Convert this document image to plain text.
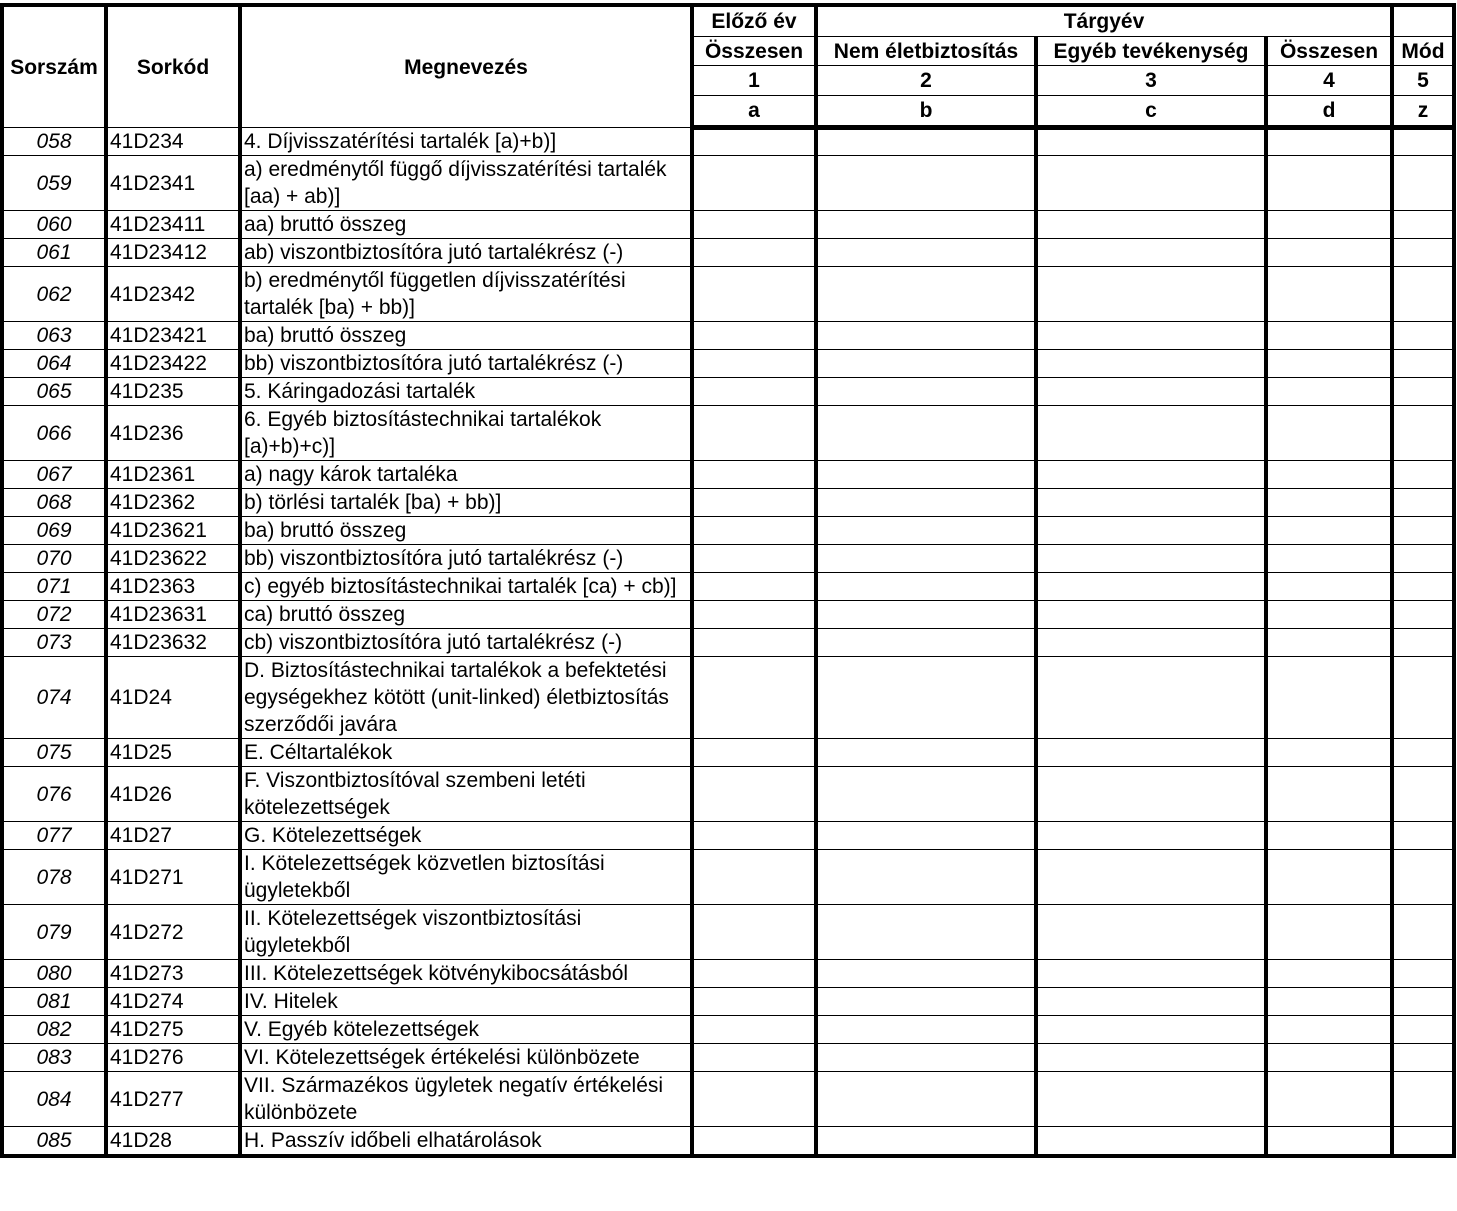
Sorszám	Sorkód	Megnevezés	Előző év	Tárgyév			
			Összesen	Nem életbiztosítás	Egyéb tevékenység	Összesen	Mód
			1	2	3	4	5
			a	b	c	d	z
058	41D234	4. Díjvisszatérítési tartalék [a)+b)]					
059	41D2341	a) eredménytől függő díjvisszatérítési tartalék [aa) + ab)]					
060	41D23411	aa) bruttó összeg					
061	41D23412	ab) viszontbiztosítóra jutó tartalékrész (-)					
062	41D2342	b) eredménytől független díjvisszatérítési tartalék [ba) + bb)]					
063	41D23421	ba) bruttó összeg					
064	41D23422	bb) viszontbiztosítóra jutó tartalékrész (-)					
065	41D235	5. Káringadozási tartalék					
066	41D236	6. Egyéb biztosítástechnikai tartalékok [a)+b)+c)]					
067	41D2361	a) nagy károk tartaléka					
068	41D2362	b) törlési tartalék [ba) + bb)]					
069	41D23621	ba) bruttó összeg					
070	41D23622	bb) viszontbiztosítóra jutó tartalékrész (-)					
071	41D2363	c) egyéb biztosítástechnikai tartalék [ca) + cb)]					
072	41D23631	ca) bruttó összeg					
073	41D23632	cb) viszontbiztosítóra jutó tartalékrész (-)					
074	41D24	D. Biztosítástechnikai tartalékok a befektetési egységekhez kötött (unit-linked) életbiztosítás szerződői javára					
075	41D25	E. Céltartalékok					
076	41D26	F. Viszontbiztosítóval szembeni letéti kötelezettségek					
077	41D27	G. Kötelezettségek					
078	41D271	I. Kötelezettségek közvetlen biztosítási ügyletekből					
079	41D272	II. Kötelezettségek viszontbiztosítási ügyletekből					
080	41D273	III. Kötelezettségek kötvénykibocsátásból					
081	41D274	IV. Hitelek					
082	41D275	V. Egyéb kötelezettségek					
083	41D276	VI. Kötelezettségek értékelési különbözete					
084	41D277	VII. Származékos ügyletek negatív értékelési különbözete					
085	41D28	H. Passzív időbeli elhatárolások					
